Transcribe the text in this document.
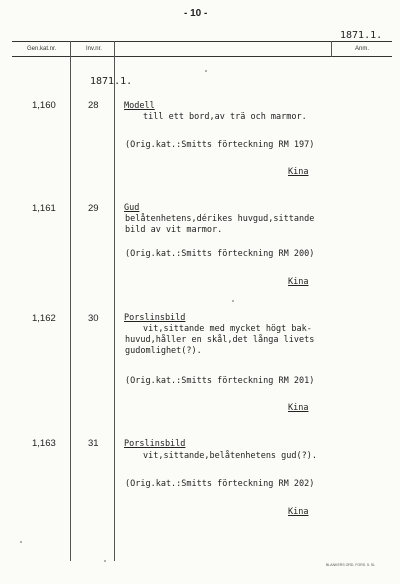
- 10 -
1871.1.
Gen.kat.nr.	Inv.nr.	Anm.
1871.1.
1,160	28	Modell
till ett bord,av trä och marmor.
(Orig.kat.:Smitts förteckning RM 197)
Kina
1,161	29	Gud
belåtenhetens,dérikes huvgud,sittande
bild av vit marmor.
(Orig.kat.:Smitts förteckning RM 200)
Kina
1,162	30	Porslinsbild
vit,sittande med mycket högt bak-
huvud,håller en skål,det långa livets
gudomlighet(?).
(Orig.kat.:Smitts förteckning RM 201)
Kina
1,163	31	Porslinsbild
vit,sittande,belåtenhetens gud(?).
(Orig.kat.:Smitts förteckning RM 202)
Kina
BLANKERS ORD. FORS. 5. SL
